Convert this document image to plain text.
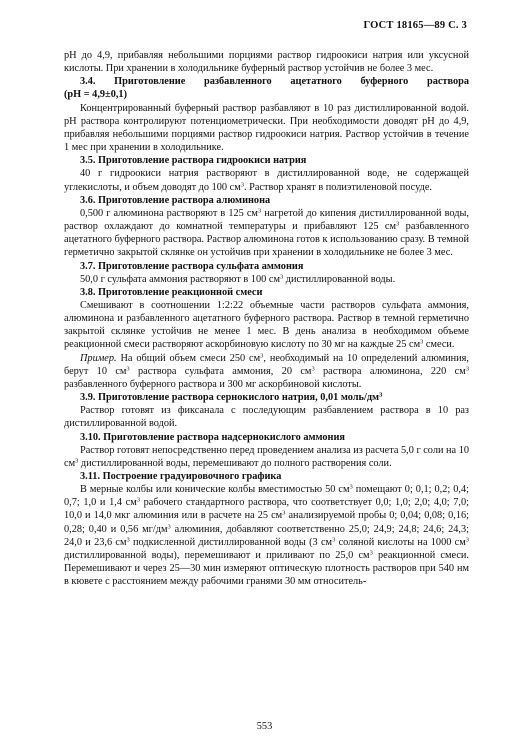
ГОСТ 18165—89 С. 3

pH до 4,9, прибавляя небольшими порциями раствор гидроокиси натрия или уксусной кислоты. При хранении в холодильнике буферный раствор устойчив не более 3 мес.

3.4. Приготовление разбавленного ацетатного буферного раствора
(pH = 4,9±0,1)

Концентрированный буферный раствор разбавляют в 10 раз дистиллированной водой. pH раствора контролируют потенциометрически. При необходимости доводят pH до 4,9, прибавляя небольшими порциями раствор гидроокиси натрия. Раствор устойчив в течение 1 мес при хранении в холодильнике.

3.5. Приготовление раствора гидроокиси натрия

40 г гидроокиси натрия растворяют в дистиллированной воде, не содержащей углекислоты, и объем доводят до 100 $см^3$. Раствор хранят в полиэтиленовой посуде.

3.6. Приготовление раствора алюминона

0,500 г алюминона растворяют в 125 $см^3$ нагретой до кипения дистиллированной воды, раствор охлаждают до комнатной температуры и прибавляют 125 $см^3$ разбавленного ацетатного буферного раствора. Раствор алюминона готов к использованию сразу. В темной герметично закрытой склянке он устойчив при хранении в холодильнике не более 3 мес.

3.7. Приготовление раствора сульфата аммония

50,0 г сульфата аммония растворяют в 100 $см^3$ дистиллированной воды.

3.8. Приготовление реакционной смеси

Смешивают в соотношении 1:2:22 объемные части растворов сульфата аммония, алюминона и разбавленного ацетатного буферного раствора. Раствор в темной герметично закрытой склянке устойчив не менее 1 мес. В день анализа в необходимом объеме реакционной смеси растворяют аскорбиновую кислоту по 30 мг на каждые 25 $см^3$ смеси.

Пример. На общий объем смеси 250 $см^3$, необходимый на 10 определений алюминия, берут 10 $см^3$ раствора сульфата аммония, 20 $см^3$ раствора алюминона, 220 $см^3$ разбавленного буферного раствора и 300 мг аскорбиновой кислоты.

3.9. Приготовление раствора сернокислого натрия, 0,01 моль/$дм^3$

Раствор готовят из фиксанала с последующим разбавлением раствора в 10 раз дистиллированной водой.

3.10. Приготовление раствора надсернокислого аммония

Раствор готовят непосредственно перед проведением анализа из расчета 5,0 г соли на 10 $см^3$ дистиллированной воды, перемешивают до полного растворения соли.

3.11. Построение градуировочного графика

В мерные колбы или конические колбы вместимостью 50 $см^3$ помещают 0; 0,1; 0,2; 0,4; 0,7; 1,0 и 1,4 $см^3$ рабочего стандартного раствора, что соответствует 0,0; 1,0; 2,0; 4,0; 7,0; 10,0 и 14,0 мкг алюминия или в расчете на 25 $см^3$ анализируемой пробы 0; 0,04; 0,08; 0,16; 0,28; 0,40 и 0,56 $мг/дм^3$ алюминия, добавляют соответственно 25,0; 24,9; 24,8; 24,6; 24,3; 24,0 и 23,6 $см^3$ подкисленной дистиллированной воды (3 $см^3$ соляной кислоты на 1000 $см^3$ дистиллированной воды), перемешивают и приливают по 25,0 $см^3$ реакционной смеси. Перемешивают и через 25—30 мин измеряют оптическую плотность растворов при 540 нм в кювете с расстоянием между рабочими гранями 30 мм относитель-

553
